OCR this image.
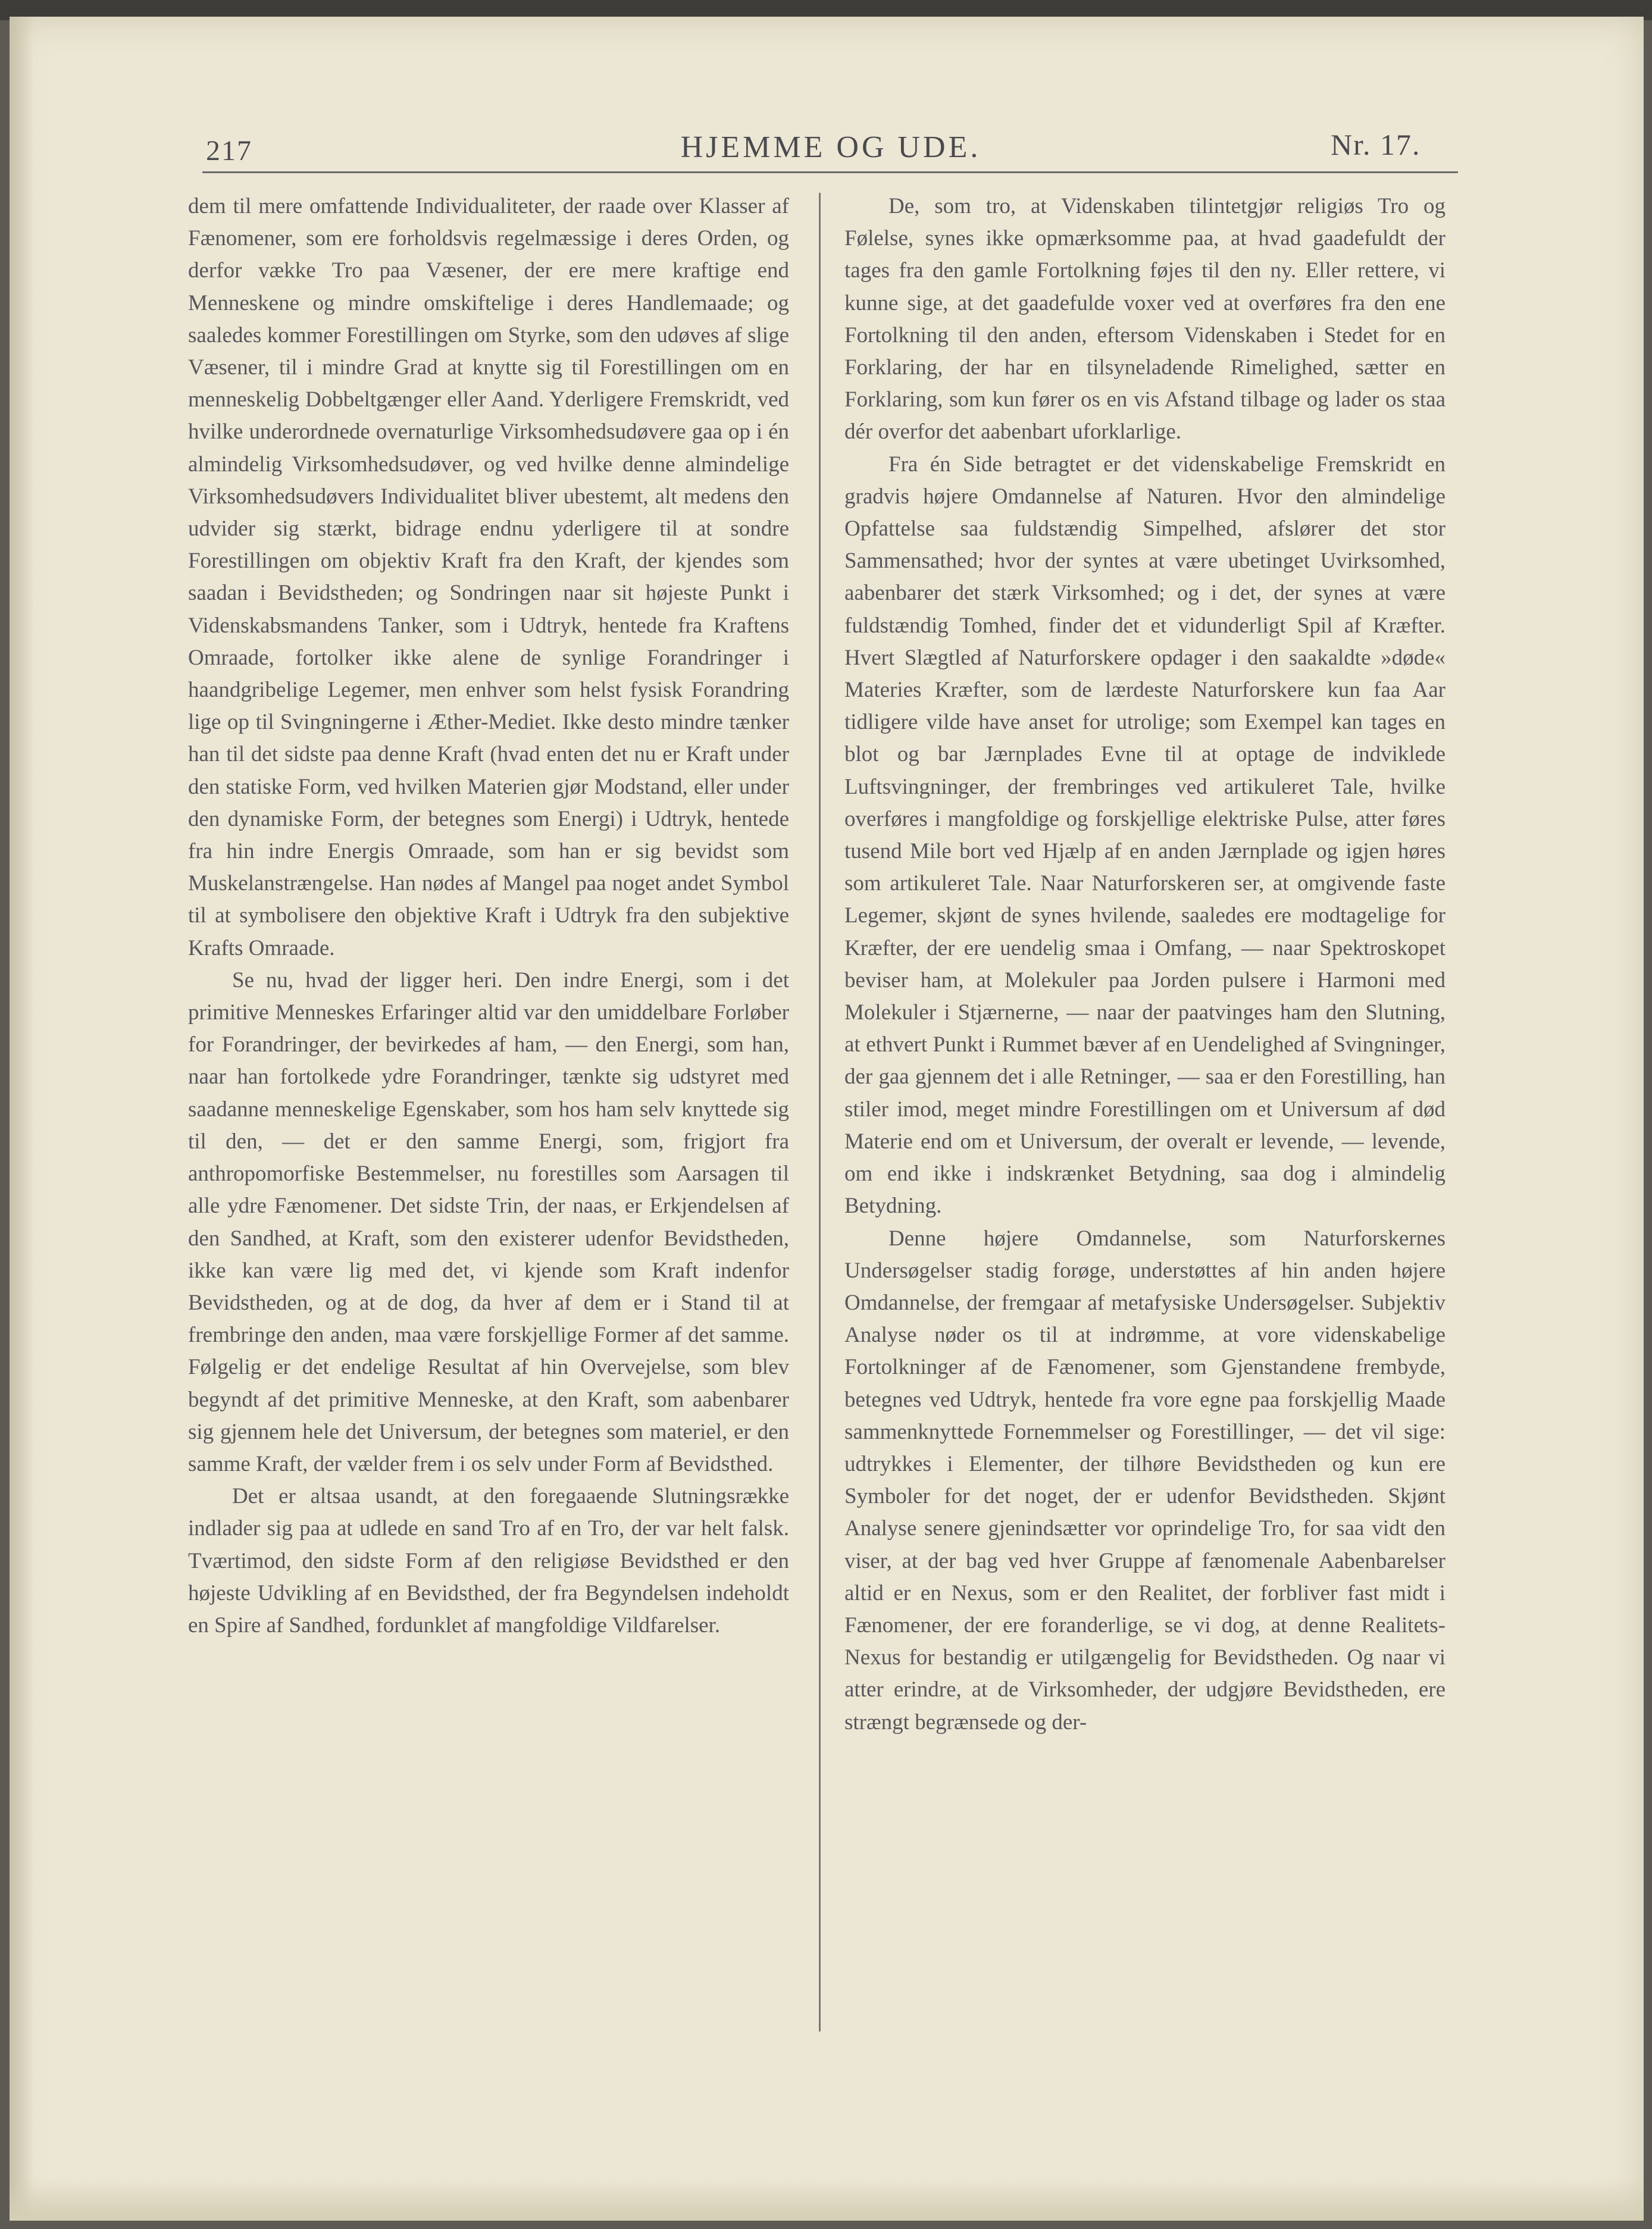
217	HJEMME OG UDE.	Nr. 17.

dem til mere omfattende Individualiteter, der raade over Klasser af Fænomener, som ere forholdsvis regelmæssige i deres Orden, og derfor vække Tro paa Væsener, der ere mere kraftige end Menneskene og mindre omskiftelige i deres Handlemaade; og saaledes kommer Forestillingen om Styrke, som den udøves af slige Væsener, til i mindre Grad at knytte sig til Forestillingen om en menneskelig Dobbeltgænger eller Aand. Yderligere Fremskridt, ved hvilke underordnede overnaturlige Virksomhedsudøvere gaa op i én almindelig Virksomhedsudøver, og ved hvilke denne almindelige Virksomhedsudøvers Individualitet bliver ubestemt, alt medens den udvider sig stærkt, bidrage endnu yderligere til at sondre Forestillingen om objektiv Kraft fra den Kraft, der kjendes som saadan i Bevidstheden; og Sondringen naar sit højeste Punkt i Videnskabsmandens Tanker, som i Udtryk, hentede fra Kraftens Omraade, fortolker ikke alene de synlige Forandringer i haandgribelige Legemer, men enhver som helst fysisk Forandring lige op til Svingningerne i Æther-Mediet. Ikke desto mindre tænker han til det sidste paa denne Kraft (hvad enten det nu er Kraft under den statiske Form, ved hvilken Materien gjør Modstand, eller under den dynamiske Form, der betegnes som Energi) i Udtryk, hentede fra hin indre Energis Omraade, som han er sig bevidst som Muskelanstrængelse. Han nødes af Mangel paa noget andet Symbol til at symbolisere den objektive Kraft i Udtryk fra den subjektive Krafts Omraade.

Se nu, hvad der ligger heri. Den indre Energi, som i det primitive Menneskes Erfaringer altid var den umiddelbare Forløber for Forandringer, der bevirkedes af ham, — den Energi, som han, naar han fortolkede ydre Forandringer, tænkte sig udstyret med saadanne menneskelige Egenskaber, som hos ham selv knyttede sig til den, — det er den samme Energi, som, frigjort fra anthropomorfiske Bestemmelser, nu forestilles som Aarsagen til alle ydre Fænomener. Det sidste Trin, der naas, er Erkjendelsen af den Sandhed, at Kraft, som den existerer udenfor Bevidstheden, ikke kan være lig med det, vi kjende som Kraft indenfor Bevidstheden, og at de dog, da hver af dem er i Stand til at frembringe den anden, maa være forskjellige Former af det samme. Følgelig er det endelige Resultat af hin Overvejelse, som blev begyndt af det primitive Menneske, at den Kraft, som aabenbarer sig gjennem hele det Universum, der betegnes som materiel, er den samme Kraft, der vælder frem i os selv under Form af Bevidsthed.

Det er altsaa usandt, at den foregaaende Slutningsrække indlader sig paa at udlede en sand Tro af en Tro, der var helt falsk. Tværtimod, den sidste Form af den religiøse Bevidsthed er den højeste Udvikling af en Bevidsthed, der fra Begyndelsen indeholdt en Spire af Sandhed, fordunklet af mangfoldige Vildfarelser.

De, som tro, at Videnskaben tilintetgjør religiøs Tro og Følelse, synes ikke opmærksomme paa, at hvad gaadefuldt der tages fra den gamle Fortolkning føjes til den ny. Eller rettere, vi kunne sige, at det gaadefulde voxer ved at overføres fra den ene Fortolkning til den anden, eftersom Videnskaben i Stedet for en Forklaring, der har en tilsyneladende Rimelighed, sætter en Forklaring, som kun fører os en vis Afstand tilbage og lader os staa dér overfor det aabenbart uforklarlige.

Fra én Side betragtet er det videnskabelige Fremskridt en gradvis højere Omdannelse af Naturen. Hvor den almindelige Opfattelse saa fuldstændig Simpelhed, afslører det stor Sammensathed; hvor der syntes at være ubetinget Uvirksomhed, aabenbarer det stærk Virksomhed; og i det, der synes at være fuldstændig Tomhed, finder det et vidunderligt Spil af Kræfter. Hvert Slægtled af Naturforskere opdager i den saakaldte »døde« Materies Kræfter, som de lærdeste Naturforskere kun faa Aar tidligere vilde have anset for utrolige; som Exempel kan tages en blot og bar Jærnplades Evne til at optage de indviklede Luftsvingninger, der frembringes ved artikuleret Tale, hvilke overføres i mangfoldige og forskjellige elektriske Pulse, atter føres tusend Mile bort ved Hjælp af en anden Jærnplade og igjen høres som artikuleret Tale. Naar Naturforskeren ser, at omgivende faste Legemer, skjønt de synes hvilende, saaledes ere modtagelige for Kræfter, der ere uendelig smaa i Omfang, — naar Spektroskopet beviser ham, at Molekuler paa Jorden pulsere i Harmoni med Molekuler i Stjærnerne, — naar der paatvinges ham den Slutning, at ethvert Punkt i Rummet bæver af en Uendelighed af Svingninger, der gaa gjennem det i alle Retninger, — saa er den Forestilling, han stiler imod, meget mindre Forestillingen om et Universum af død Materie end om et Universum, der overalt er levende, — levende, om end ikke i indskrænket Betydning, saa dog i almindelig Betydning.

Denne højere Omdannelse, som Naturforskernes Undersøgelser stadig forøge, understøttes af hin anden højere Omdannelse, der fremgaar af metafysiske Undersøgelser. Subjektiv Analyse nøder os til at indrømme, at vore videnskabelige Fortolkninger af de Fænomener, som Gjenstandene frembyde, betegnes ved Udtryk, hentede fra vore egne paa forskjellig Maade sammenknyttede Fornemmelser og Forestillinger, — det vil sige: udtrykkes i Elementer, der tilhøre Bevidstheden og kun ere Symboler for det noget, der er udenfor Bevidstheden. Skjønt Analyse senere gjenindsætter vor oprindelige Tro, for saa vidt den viser, at der bag ved hver Gruppe af fænomenale Aabenbarelser altid er en Nexus, som er den Realitet, der forbliver fast midt i Fænomener, der ere foranderlige, se vi dog, at denne Realitets-Nexus for bestandig er utilgængelig for Bevidstheden. Og naar vi atter erindre, at de Virksomheder, der udgjøre Bevidstheden, ere strængt begrænsede og der-
